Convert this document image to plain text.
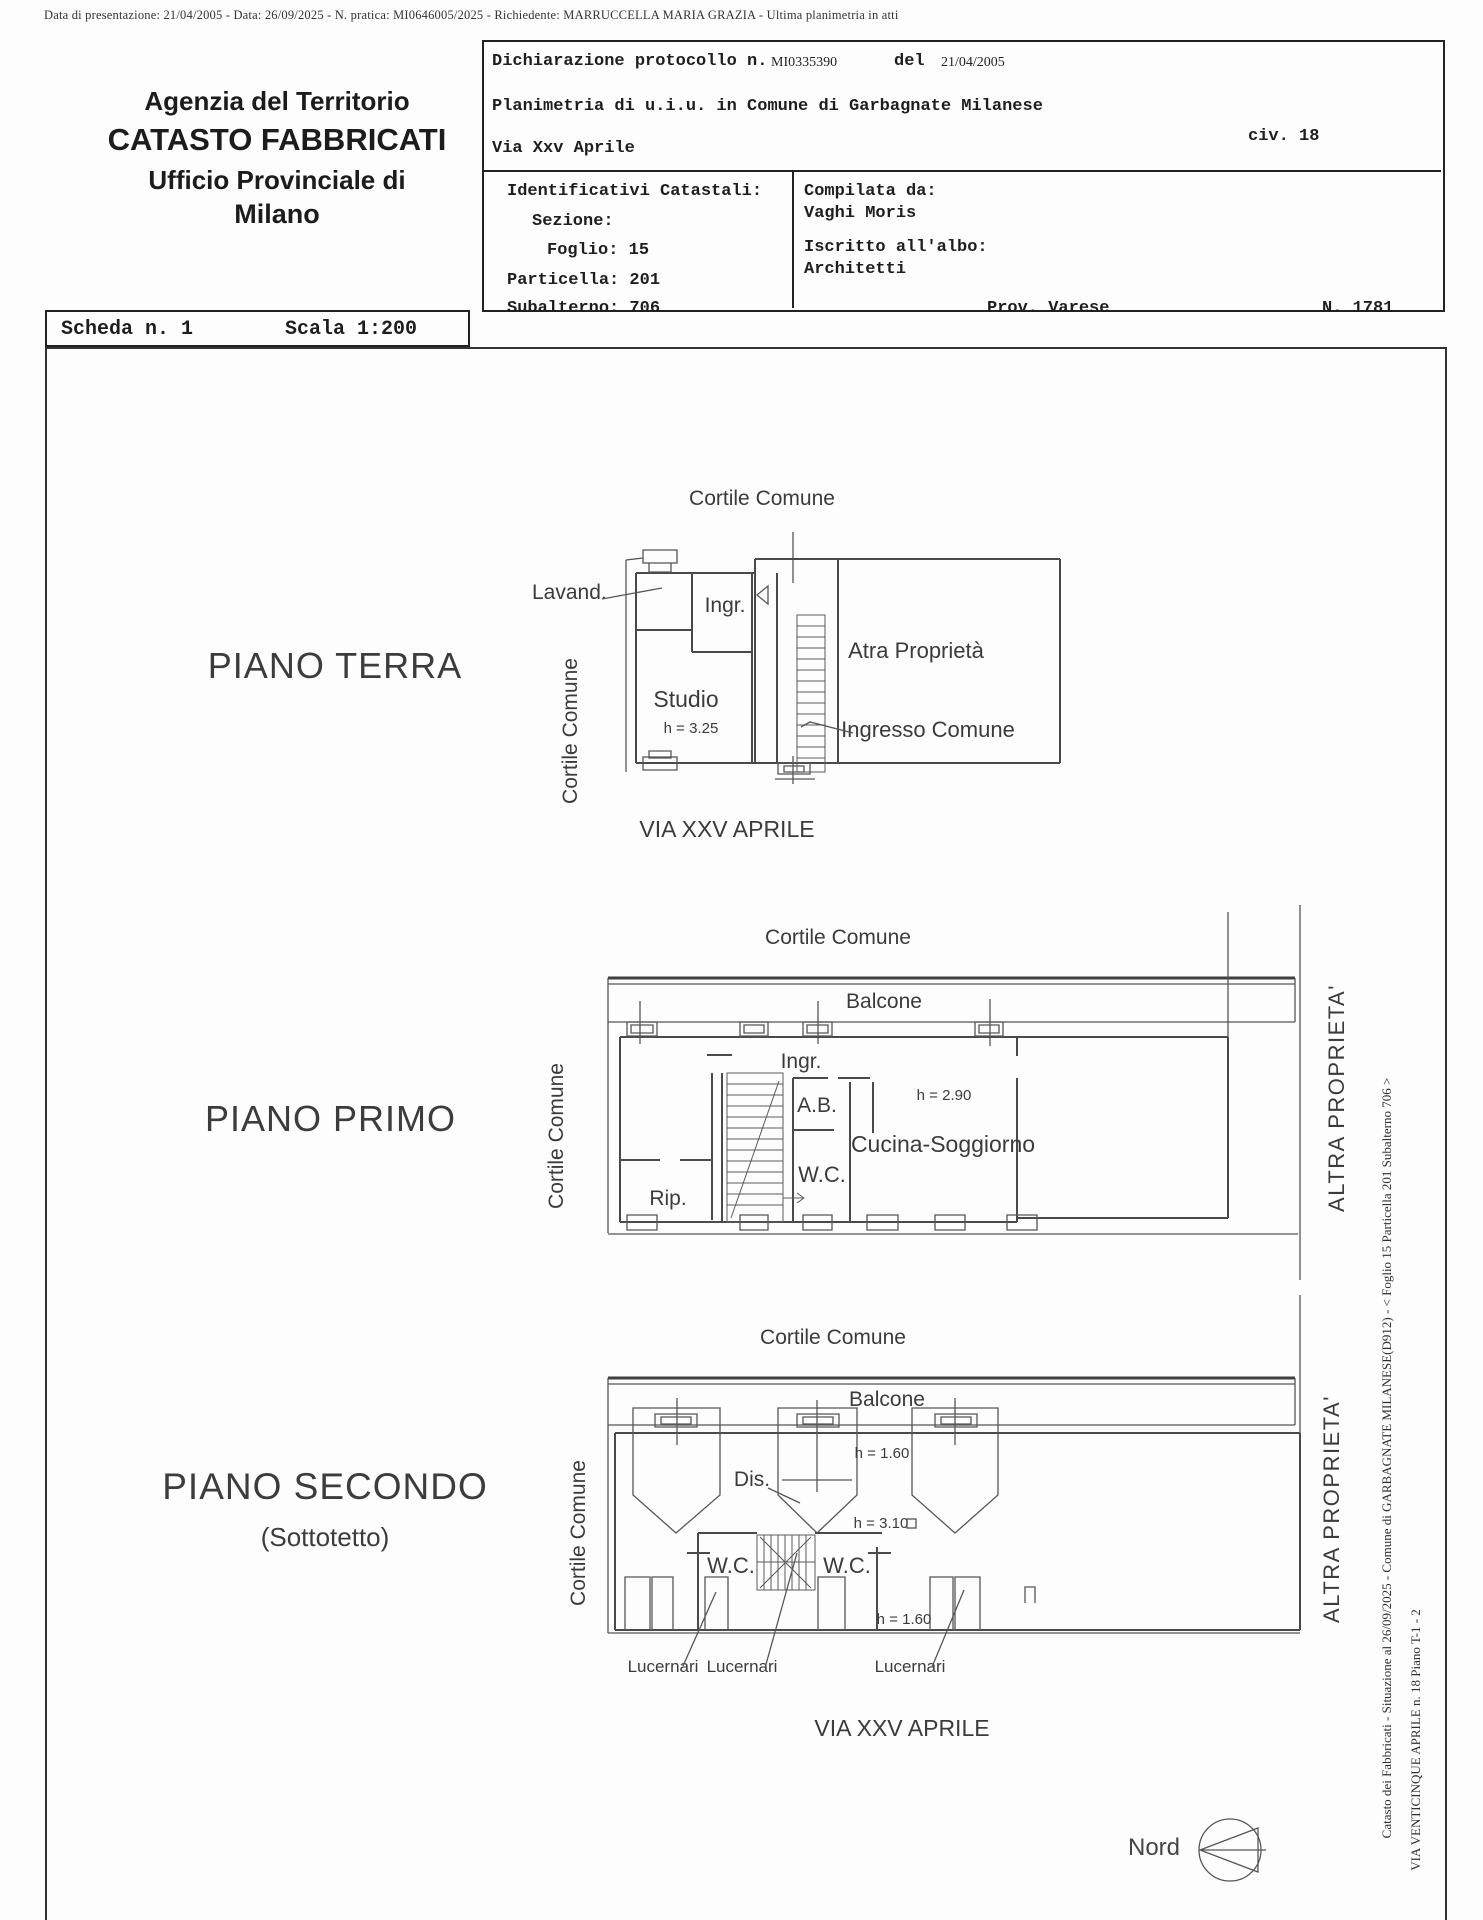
Data di presentazione: 21/04/2005 - Data: 26/09/2025 - N. pratica: MI0646005/2025 - Richiedente: MARRUCCELLA MARIA GRAZIA - Ultima planimetria in atti
Agenzia del Territorio
CATASTO FABBRICATI
Ufficio Provinciale di
Milano
Dichiarazione protocollo n. MI0335390	del 21/04/2005
Planimetria di u.i.u. in Comune di Garbagnate Milanese
Via Xxv Aprile
civ. 18
Identificativi Catastali:
Sezione:
Foglio: 15
Particella: 201
Subalterno: 706
Compilata da:
Vaghi Moris
Iscritto all'albo:
Architetti
Prov. Varese	N. 1781
Scheda n. 1	Scala 1:200
Catasto dei Fabbricati - Situazione al 26/09/2025 - Comune di GARBAGNATE MILANESE(D912) - < Foglio 15 Particella 201 Subalterno 706 > VIA VENTICINQUE APRILE n. 18 Piano T-1 - 2
PIANO TERRA
PIANO PRIMO
PIANO SECONDO
(Sottotetto)
Cortile Comune
Lavand.
Ingr.
Studio
h = 3.25
Atra Proprietà
Ingresso Comune
Cortile Comune
VIA XXV APRILE
Cortile Comune
Balcone
Ingr.
A.B.
W.C.
Rip.
Cucina-Soggiorno
h = 2.90
Cortile Comune	ALTRA PROPRIETA'
Cortile Comune
Balcone
h = 1.60
Dis.
h = 3.10
W.C.	W.C.
h = 1.60
Lucernari Lucernari	Lucernari
Cortile Comune	ALTRA PROPRIETA'
VIA XXV APRILE
Nord
